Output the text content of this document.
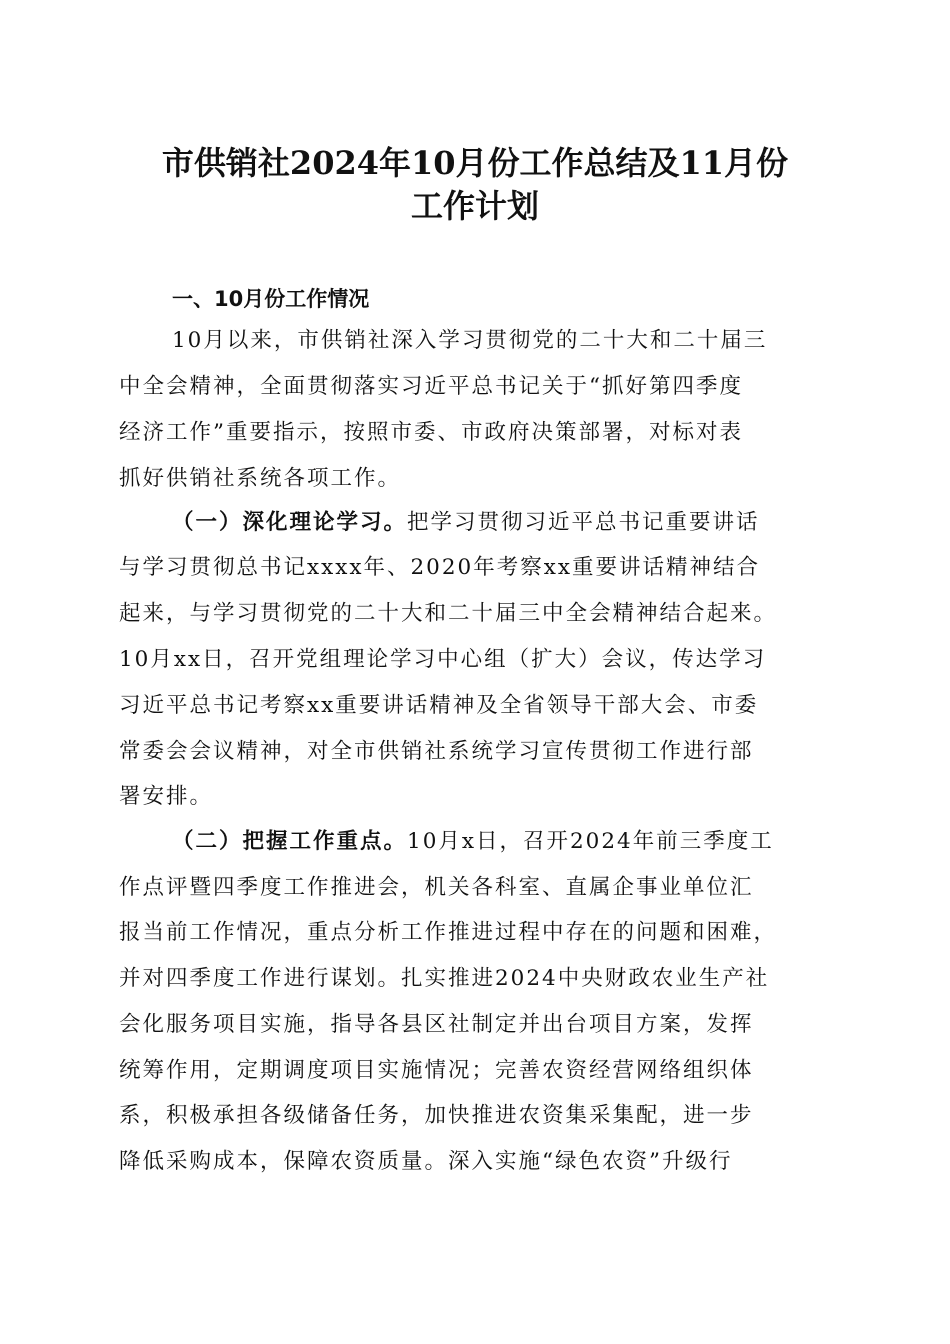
市供销社2024年10月份工作总结及11月份
工作计划
一、10月份工作情况
10月以来，市供销社深入学习贯彻党的二十大和二十届三
中全会精神，全面贯彻落实习近平总书记关于“抓好第四季度
经济工作”重要指示，按照市委、市政府决策部署，对标对表
抓好供销社系统各项工作。
（一）深化理论学习。把学习贯彻习近平总书记重要讲话
与学习贯彻总书记xxxx年、2020年考察xx重要讲话精神结合
起来，与学习贯彻党的二十大和二十届三中全会精神结合起来。
10月xx日，召开党组理论学习中心组（扩大）会议，传达学习
习近平总书记考察xx重要讲话精神及全省领导干部大会、市委
常委会会议精神，对全市供销社系统学习宣传贯彻工作进行部
署安排。
（二）把握工作重点。10月x日，召开2024年前三季度工
作点评暨四季度工作推进会，机关各科室、直属企事业单位汇
报当前工作情况，重点分析工作推进过程中存在的问题和困难，
并对四季度工作进行谋划。扎实推进2024中央财政农业生产社
会化服务项目实施，指导各县区社制定并出台项目方案，发挥
统筹作用，定期调度项目实施情况；完善农资经营网络组织体
系，积极承担各级储备任务，加快推进农资集采集配，进一步
降低采购成本，保障农资质量。深入实施“绿色农资”升级行
